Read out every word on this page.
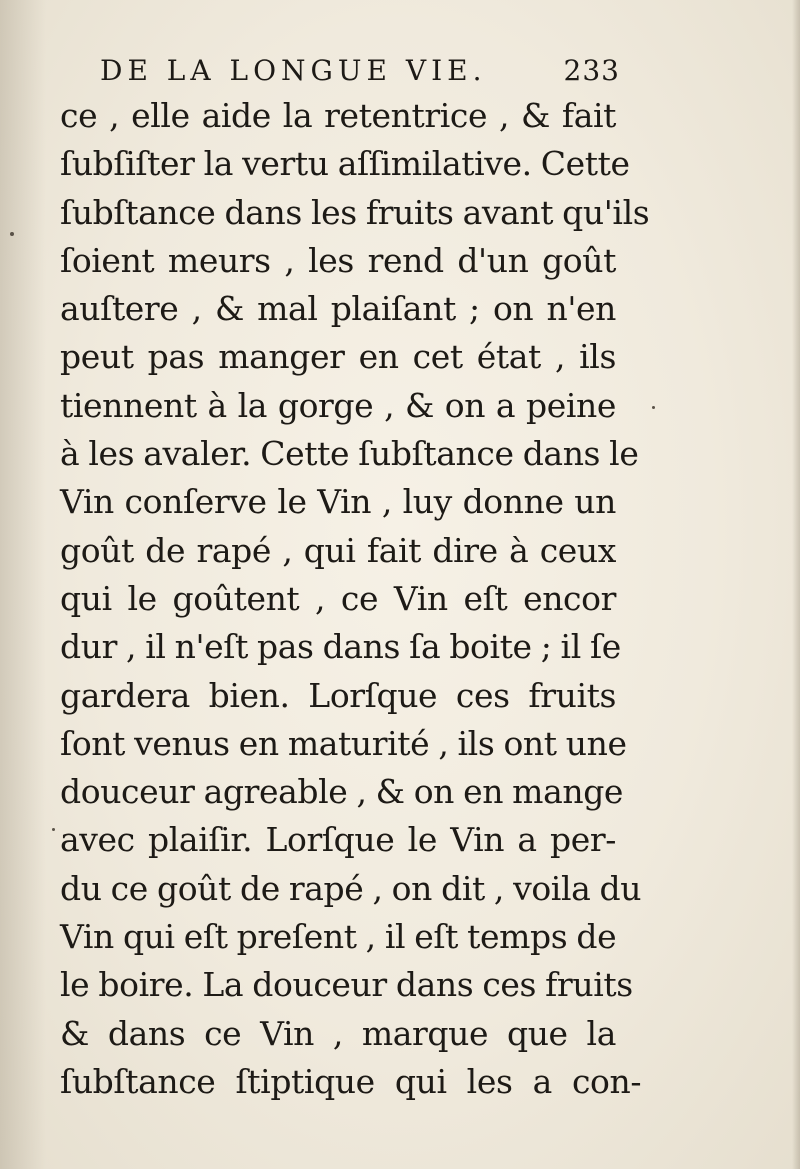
DE LA LONGUE VIE.	233
ce , elle aide la retentrice , & fait
ſubſiſter la vertu aſſimilative. Cette
ſubſtance dans les fruits avant qu'ils
ſoient meurs , les rend d'un goût
auſtere , & mal plaiſant ; on n'en
peut pas manger en cet état , ils
tiennent à la gorge , & on a peine
à les avaler. Cette ſubſtance dans le
Vin conſerve le Vin , luy donne un
goût de rapé , qui fait dire à ceux
qui le goûtent , ce Vin eſt encor
dur , il n'eſt pas dans ſa boite ; il ſe
gardera bien. Lorſque ces fruits
ſont venus en maturité , ils ont une
douceur agreable , & on en mange
avec plaiſir. Lorſque le Vin a per-
du ce goût de rapé , on dit , voila du
Vin qui eſt preſent , il eſt temps de
le boire. La douceur dans ces fruits
& dans ce Vin , marque que la
ſubſtance ſtiptique qui les a con-
